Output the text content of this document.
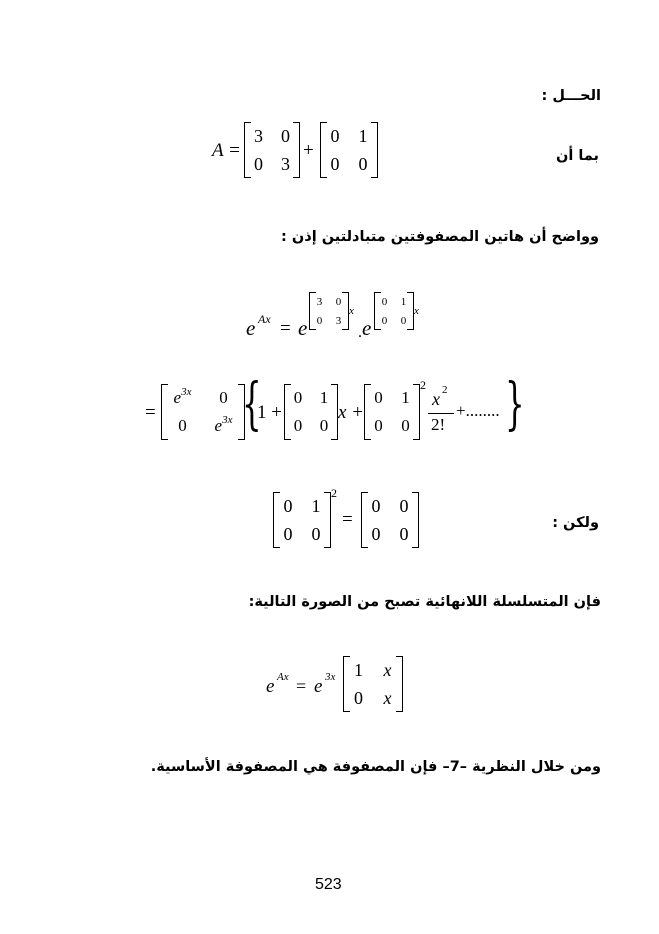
الحـــل :
بما أن
وواضح أن هاتين المصفوفتين متبادلتين إذن :
ولكن :
فإن المتسلسلة اللانهائية تصبح من الصورة التالية:
ومن خلال النظرية –7– فإن المصفوفة هي المصفوفة الأساسية.
A =
3 0
0 3
+
0 1
0 0
e Ax = e
3 0
0 3
x
. e
0 1
0 0
x
=
$e^{3x}$ 0
0 $e^{3x}$ {
1 +
0 1
0 0
x +
0 1
0 0
2
x 2
2!
+........ }
0 1
0 0
2
=
0 0
0 0
e Ax = e 3x 1 x
0 x
523
